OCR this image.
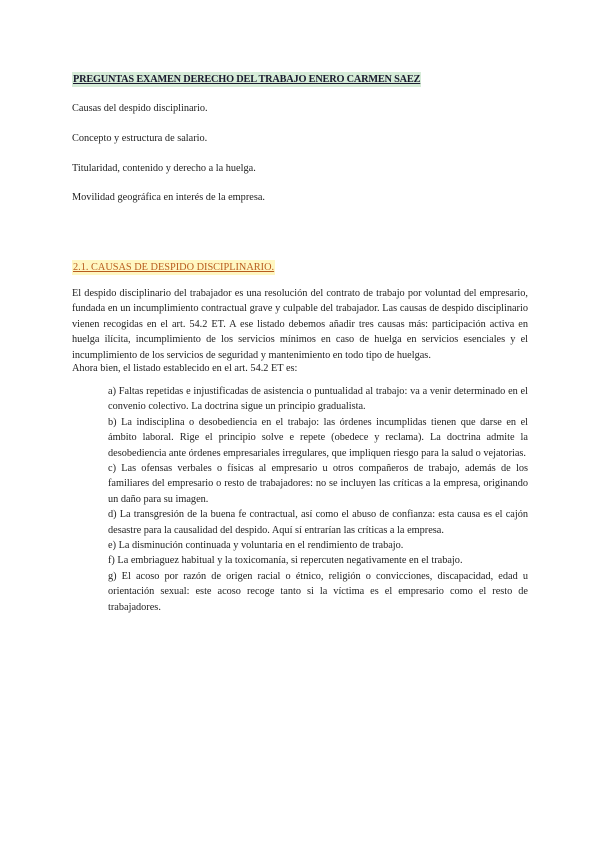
PREGUNTAS EXAMEN DERECHO DEL TRABAJO ENERO CARMEN SAEZ
Causas del despido disciplinario.
Concepto y estructura de salario.
Titularidad, contenido y derecho a la huelga.
Movilidad geográfica en interés de la empresa.
2.1. CAUSAS DE DESPIDO DISCIPLINARIO.
El despido disciplinario del trabajador es una resolución del contrato de trabajo por voluntad del empresario, fundada en un incumplimiento contractual grave y culpable del trabajador. Las causas de despido disciplinario vienen recogidas en el art. 54.2 ET. A ese listado debemos añadir tres causas más: participación activa en huelga ilícita, incumplimiento de los servicios mínimos en caso de huelga en servicios esenciales y el incumplimiento de los servicios de seguridad y mantenimiento en todo tipo de huelgas.
Ahora bien, el listado establecido en el art. 54.2 ET es:
a) Faltas repetidas e injustificadas de asistencia o puntualidad al trabajo: va a venir determinado en el convenio colectivo. La doctrina sigue un principio gradualista.
b) La indisciplina o desobediencia en el trabajo: las órdenes incumplidas tienen que darse en el ámbito laboral. Rige el principio solve e repete (obedece y reclama). La doctrina admite la desobediencia ante órdenes empresariales irregulares, que impliquen riesgo para la salud o vejatorias.
c) Las ofensas verbales o físicas al empresario u otros compañeros de trabajo, además de los familiares del empresario o resto de trabajadores: no se incluyen las críticas a la empresa, originando un daño para su imagen.
d) La transgresión de la buena fe contractual, así como el abuso de confianza: esta causa es el cajón desastre para la causalidad del despido. Aquí sí entrarían las críticas a la empresa.
e) La disminución continuada y voluntaria en el rendimiento de trabajo.
f) La embriaguez habitual y la toxicomanía, si repercuten negativamente en el trabajo.
g) El acoso por razón de origen racial o étnico, religión o convicciones, discapacidad, edad u orientación sexual: este acoso recoge tanto si la víctima es el empresario como el resto de trabajadores.
